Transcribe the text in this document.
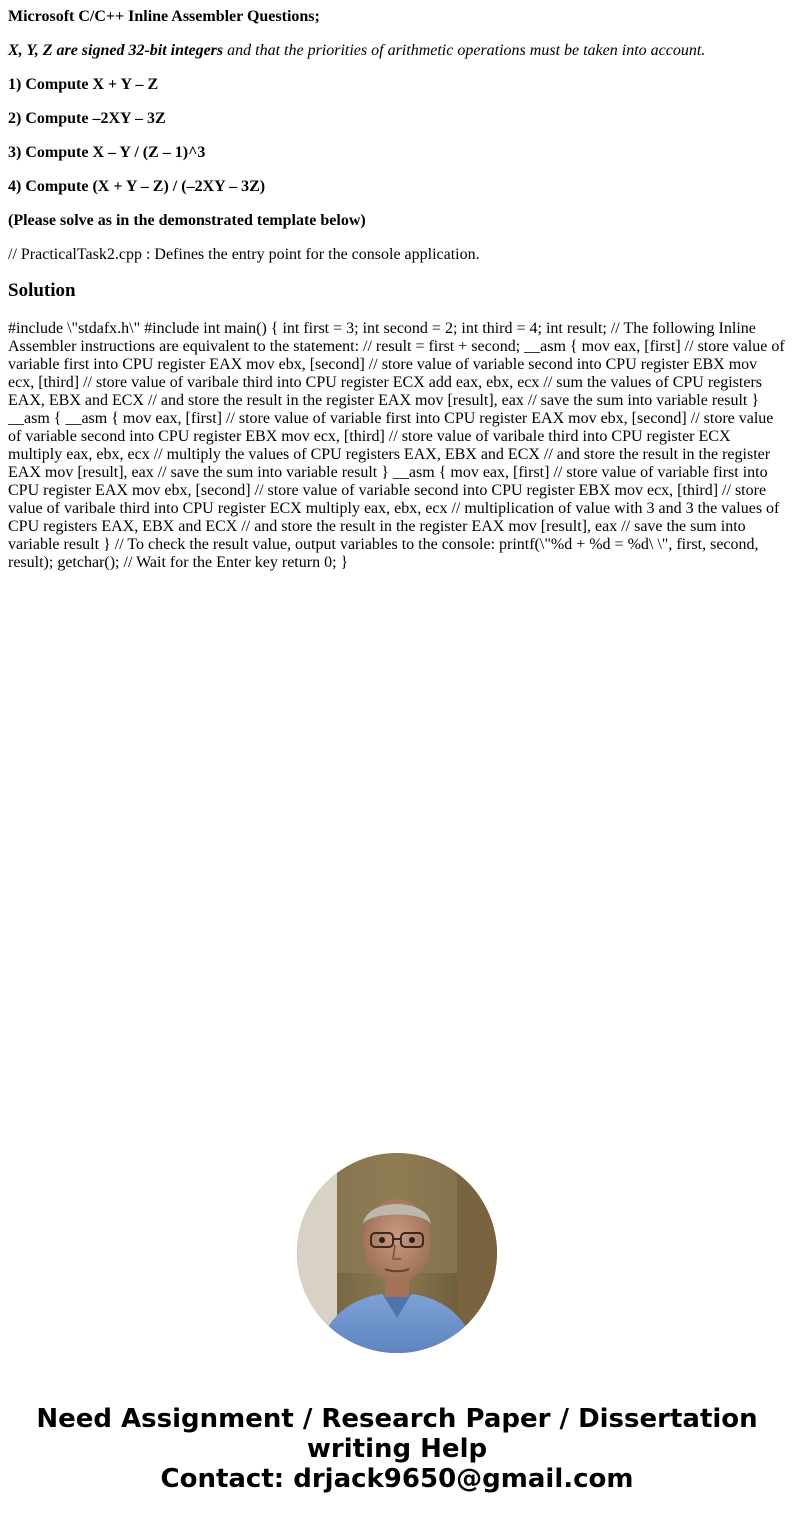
Microsoft C/C++ Inline Assembler Questions;

X, Y, Z are signed 32-bit integers and that the priorities of arithmetic operations must be taken into account.

1) Compute X + Y – Z

2) Compute –2XY – 3Z

3) Compute X – Y / (Z – 1)^3

4) Compute (X + Y – Z) / (–2XY – 3Z)

(Please solve as in the demonstrated template below)

// PracticalTask2.cpp : Defines the entry point for the console application.

Solution

#include \"stdafx.h\" #include int main() { int first = 3; int second = 2; int third = 4; int result; // The following Inline Assembler instructions are equivalent to the statement: // result = first + second; __asm { mov eax, [first] // store value of variable first into CPU register EAX mov ebx, [second] // store value of variable second into CPU register EBX mov ecx, [third] // store value of varibale third into CPU register ECX add eax, ebx, ecx // sum the values of CPU registers EAX, EBX and ECX // and store the result in the register EAX mov [result], eax // save the sum into variable result } __asm { __asm { mov eax, [first] // store value of variable first into CPU register EAX mov ebx, [second] // store value of variable second into CPU register EBX mov ecx, [third] // store value of varibale third into CPU register ECX multiply eax, ebx, ecx // multiply the values of CPU registers EAX, EBX and ECX // and store the result in the register EAX mov [result], eax // save the sum into variable result } __asm { mov eax, [first] // store value of variable first into CPU register EAX mov ebx, [second] // store value of variable second into CPU register EBX mov ecx, [third] // store value of varibale third into CPU register ECX multiply eax, ebx, ecx // multiplication of value with 3 and 3 the values of CPU registers EAX, EBX and ECX // and store the result in the register EAX mov [result], eax // save the sum into variable result } // To check the result value, output variables to the console: printf(\"%d + %d = %d\ \", first, second, result); getchar(); // Wait for the Enter key return 0; }

Need Assignment / Research Paper / Dissertation
writing Help
Contact: drjack9650@gmail.com
